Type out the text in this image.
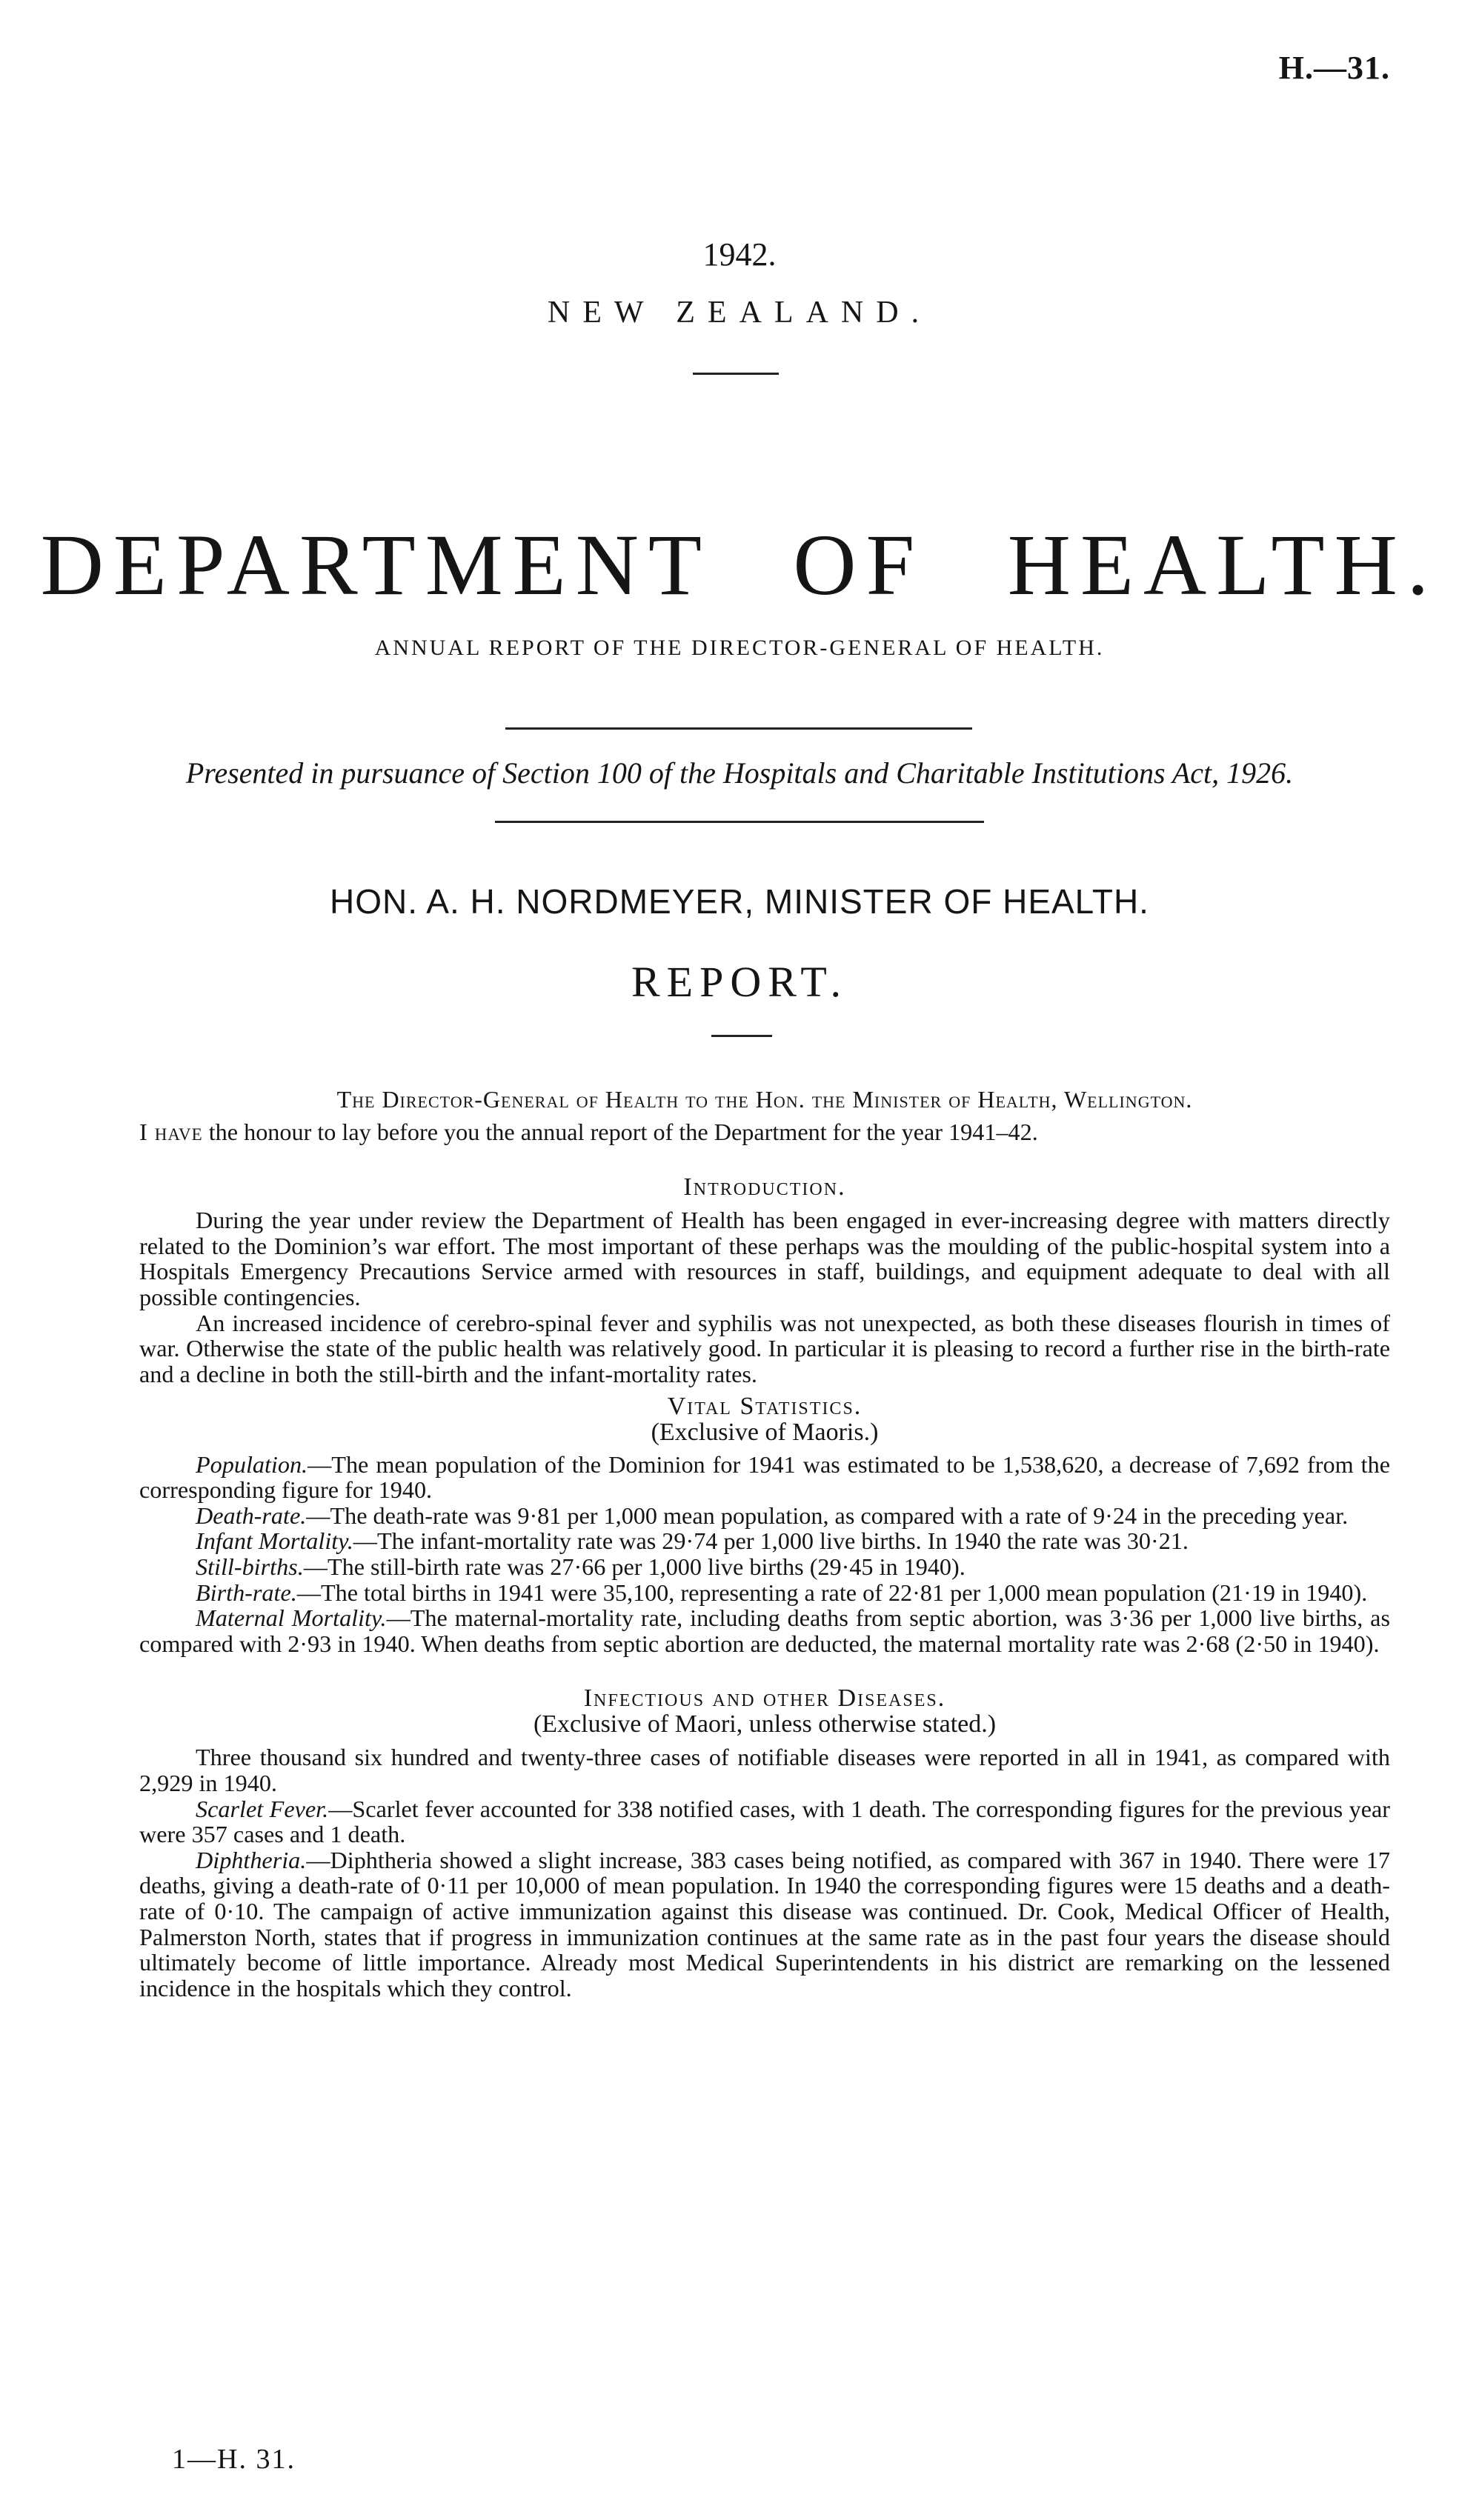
H.—31.
1942.
NEW ZEALAND.
DEPARTMENT OF HEALTH.
ANNUAL REPORT OF THE DIRECTOR-GENERAL OF HEALTH.
Presented in pursuance of Section 100 of the Hospitals and Charitable Institutions Act, 1926.
HON. A. H. NORDMEYER, MINISTER OF HEALTH.
REPORT.
The Director-General of Health to the Hon. the Minister of Health, Wellington.

I have the honour to lay before you the annual report of the Department for the year 1941–42.

Introduction.

During the year under review the Department of Health has been engaged in ever-increasing degree with matters directly related to the Dominion’s war effort. The most important of these perhaps was the moulding of the public-hospital system into a Hospitals Emergency Precautions Service armed with resources in staff, buildings, and equipment adequate to deal with all possible contingencies.

An increased incidence of cerebro-spinal fever and syphilis was not unexpected, as both these diseases flourish in times of war. Otherwise the state of the public health was relatively good. In particular it is pleasing to record a further rise in the birth-rate and a decline in both the still-birth and the infant-mortality rates.

Vital Statistics.
(Exclusive of Maoris.)

Population.—The mean population of the Dominion for 1941 was estimated to be 1,538,620, a decrease of 7,692 from the corresponding figure for 1940.

Death-rate.—The death-rate was 9·81 per 1,000 mean population, as compared with a rate of 9·24 in the preceding year.

Infant Mortality.—The infant-mortality rate was 29·74 per 1,000 live births. In 1940 the rate was 30·21.

Still-births.—The still-birth rate was 27·66 per 1,000 live births (29·45 in 1940).

Birth-rate.—The total births in 1941 were 35,100, representing a rate of 22·81 per 1,000 mean population (21·19 in 1940).

Maternal Mortality.—The maternal-mortality rate, including deaths from septic abortion, was 3·36 per 1,000 live births, as compared with 2·93 in 1940. When deaths from septic abortion are deducted, the maternal mortality rate was 2·68 (2·50 in 1940).

Infectious and other Diseases.
(Exclusive of Maori, unless otherwise stated.)

Three thousand six hundred and twenty-three cases of notifiable diseases were reported in all in 1941, as compared with 2,929 in 1940.

Scarlet Fever.—Scarlet fever accounted for 338 notified cases, with 1 death. The corresponding figures for the previous year were 357 cases and 1 death.

Diphtheria.—Diphtheria showed a slight increase, 383 cases being notified, as compared with 367 in 1940. There were 17 deaths, giving a death-rate of 0·11 per 10,000 of mean population. In 1940 the corresponding figures were 15 deaths and a death-rate of 0·10. The campaign of active immunization against this disease was continued. Dr. Cook, Medical Officer of Health, Palmerston North, states that if progress in immunization continues at the same rate as in the past four years the disease should ultimately become of little importance. Already most Medical Superintendents in his district are remarking on the lessened incidence in the hospitals which they control.

1—H. 31.
